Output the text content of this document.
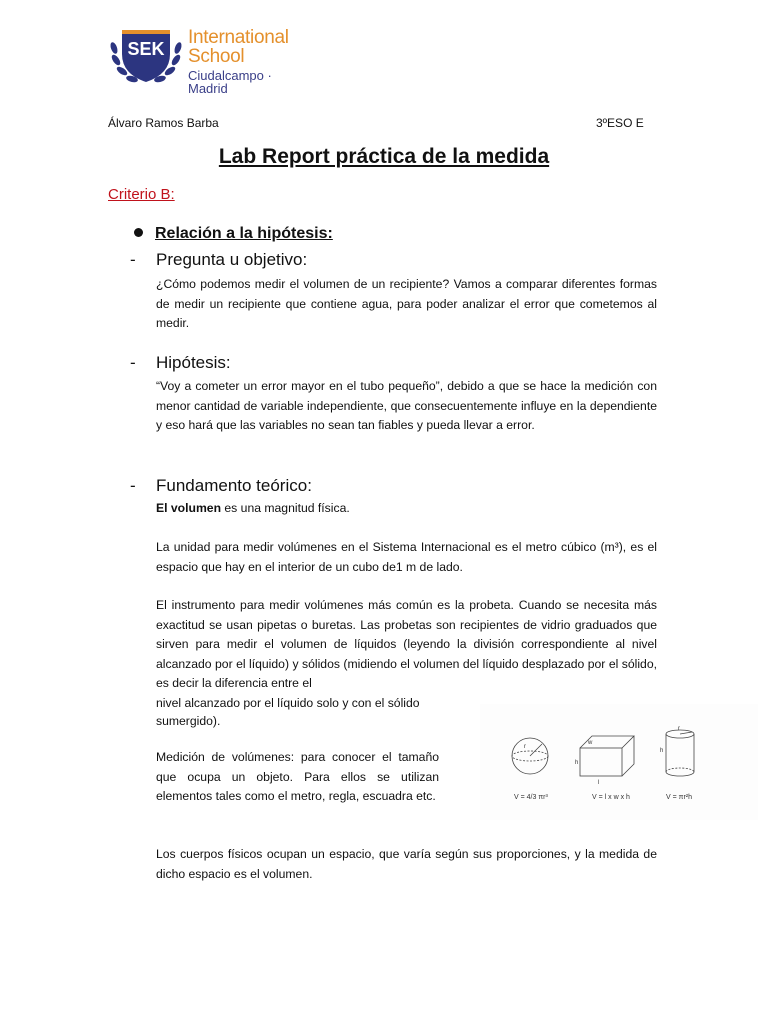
SEK
International
School
Ciudalcampo · Madrid
Álvaro Ramos Barba	3ºESO E
Lab Report práctica de la medida
Criterio B:
Relación a la hipótesis:
- Pregunta u objetivo:
¿Cómo podemos medir el volumen de un recipiente? Vamos a comparar diferentes formas de medir un recipiente que contiene agua, para poder analizar el error que cometemos al medir.
- Hipótesis:
“Voy a cometer un error mayor en el tubo pequeño”, debido a que se hace la medición con menor cantidad de variable independiente, que consecuentemente influye en la dependiente y eso hará que las variables no sean tan fiables y pueda llevar a error.
- Fundamento teórico:
El volumen es una magnitud física.
La unidad para medir volúmenes en el Sistema Internacional es el metro cúbico (m³), es el espacio que hay en el interior de un cubo de1 m de lado.
El instrumento para medir volúmenes más común es la probeta. Cuando se necesita más exactitud se usan pipetas o buretas. Las probetas son recipientes de vidrio graduados que sirven para medir el volumen de líquidos (leyendo la división correspondiente al nivel alcanzado por el líquido) y sólidos (midiendo el volumen del líquido desplazado por el sólido, es decir la diferencia entre el
nivel alcanzado por el líquido solo y con el sólido
sumergido).
Medición de volúmenes: para conocer el tamaño que ocupa un objeto. Para ellos se utilizan elementos tales como el metro, regla, escuadra etc.
Los cuerpos físicos ocupan un espacio, que varía según sus proporciones, y la medida de dicho espacio es el volumen.
r
V = 4/3 πr³
w
h
l
V = l x w x h
r
h
V = πr²h
